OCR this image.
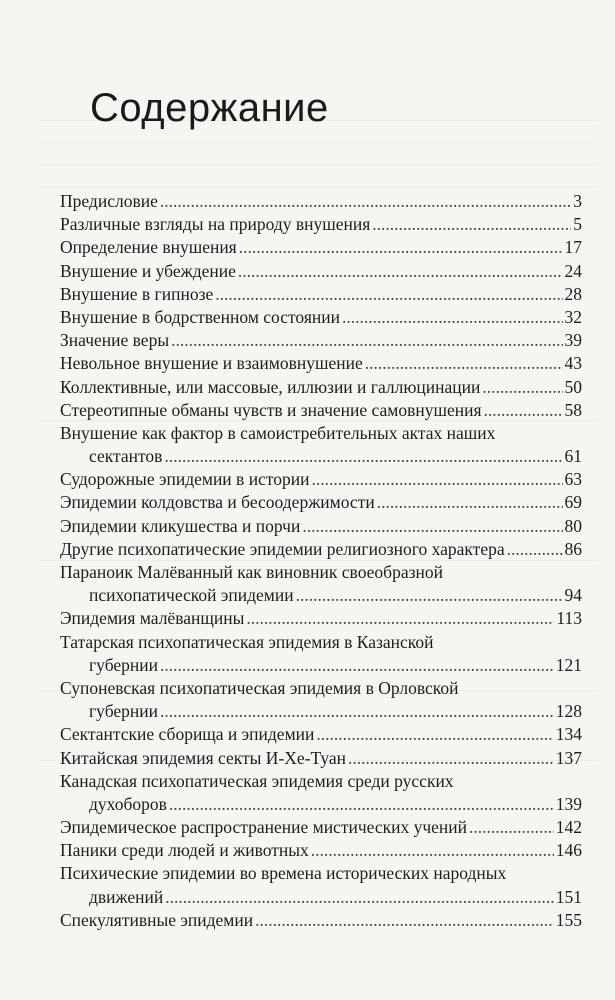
Содержание
Предисловие .....	3
Различные взгляды на природу внушения .....	5
Определение внушения .....	17
Внушение и убеждение .....	24
Внушение в гипнозе .....	28
Внушение в бодрственном состоянии .....	32
Значение веры .....	39
Невольное внушение и взаимовнушение .....	43
Коллективные, или массовые, иллюзии и галлюцинации .....	50
Стереотипные обманы чувств и значение самовнушения .....	58
Внушение как фактор в самоистребительных актах наших
сектантов .....	61
Судорожные эпидемии в истории .....	63
Эпидемии колдовства и бесоодержимости .....	69
Эпидемии кликушества и порчи .....	80
Другие психопатические эпидемии религиозного характера .....	86
Параноик Малёванный как виновник своеобразной
психопатической эпидемии .....	94
Эпидемия малёванщины .....	113
Татарская психопатическая эпидемия в Казанской
губернии .....	121
Супоневская психопатическая эпидемия в Орловской
губернии .....	128
Сектантские сборища и эпидемии .....	134
Китайская эпидемия секты И-Хе-Туан .....	137
Канадская психопатическая эпидемия среди русских
духоборов .....	139
Эпидемическое распространение мистических учений .....	142
Паники среди людей и животных .....	146
Психические эпидемии во времена исторических народных
движений .....	151
Спекулятивные эпидемии .....	155
